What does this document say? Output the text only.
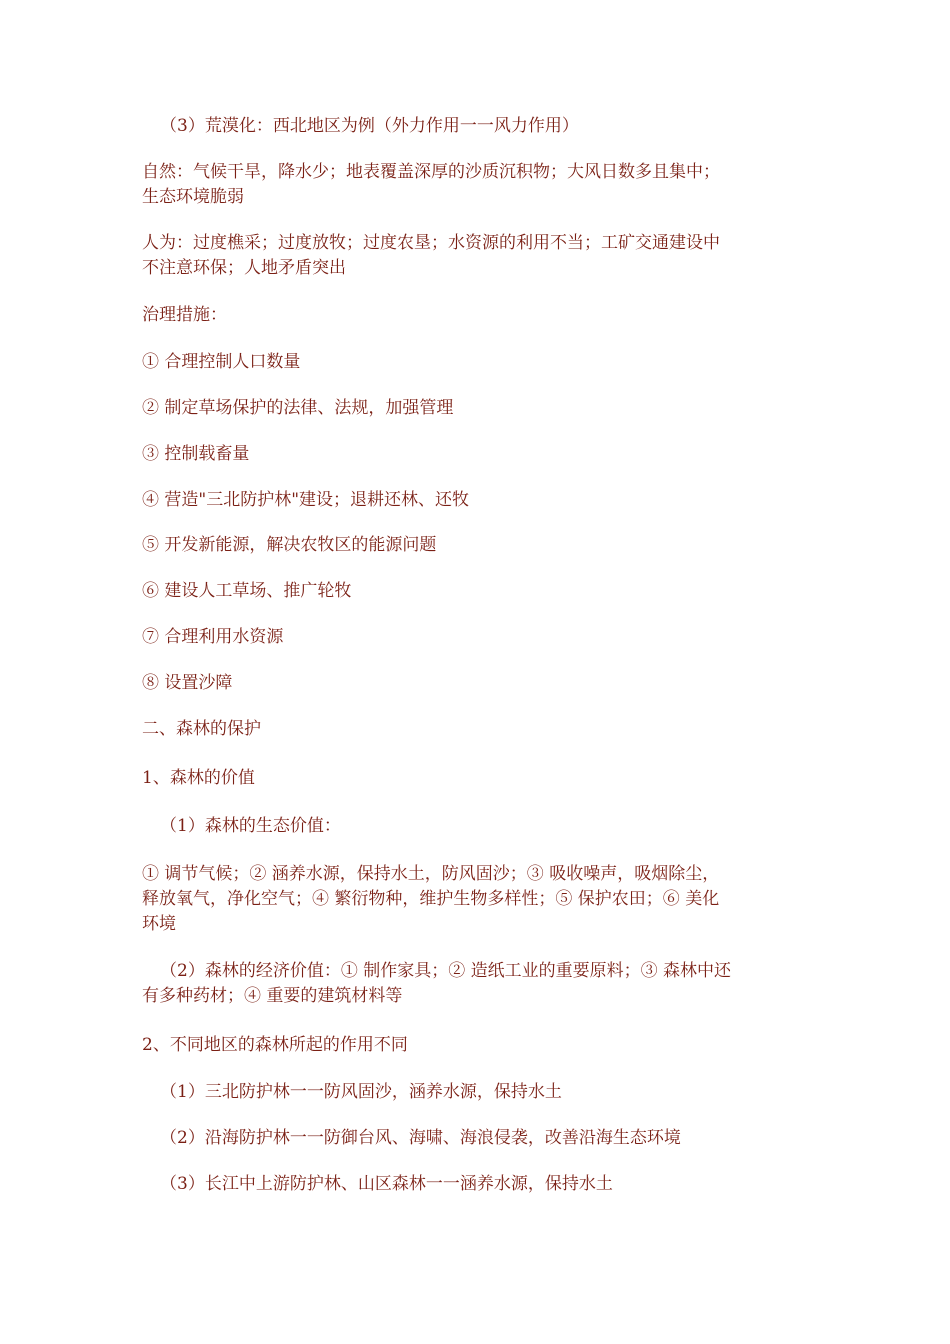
（3）荒漠化：西北地区为例（外力作用一一风力作用）
自然：气候干旱，降水少；地表覆盖深厚的沙质沉积物；大风日数多且集中；
生态环境脆弱
人为：过度樵采；过度放牧；过度农垦；水资源的利用不当；工矿交通建设中
不注意环保；人地矛盾突出
治理措施：
① 合理控制人口数量
② 制定草场保护的法律、法规，加强管理
③ 控制载畜量
④ 营造"三北防护林"建设；退耕还林、还牧
⑤ 开发新能源，解决农牧区的能源问题
⑥ 建设人工草场、推广轮牧
⑦ 合理利用水资源
⑧ 设置沙障
二、森林的保护
1、森林的价值
（1）森林的生态价值：
① 调节气候；② 涵养水源，保持水土，防风固沙；③ 吸收噪声，吸烟除尘，
释放氧气，净化空气；④ 繁衍物种，维护生物多样性；⑤ 保护农田；⑥ 美化
环境
（2）森林的经济价值：① 制作家具；② 造纸工业的重要原料；③ 森林中还
有多种药材；④ 重要的建筑材料等
2、不同地区的森林所起的作用不同
（1）三北防护林一一防风固沙，涵养水源，保持水土
（2）沿海防护林一一防御台风、海啸、海浪侵袭，改善沿海生态环境
（3）长江中上游防护林、山区森林一一涵养水源，保持水土
